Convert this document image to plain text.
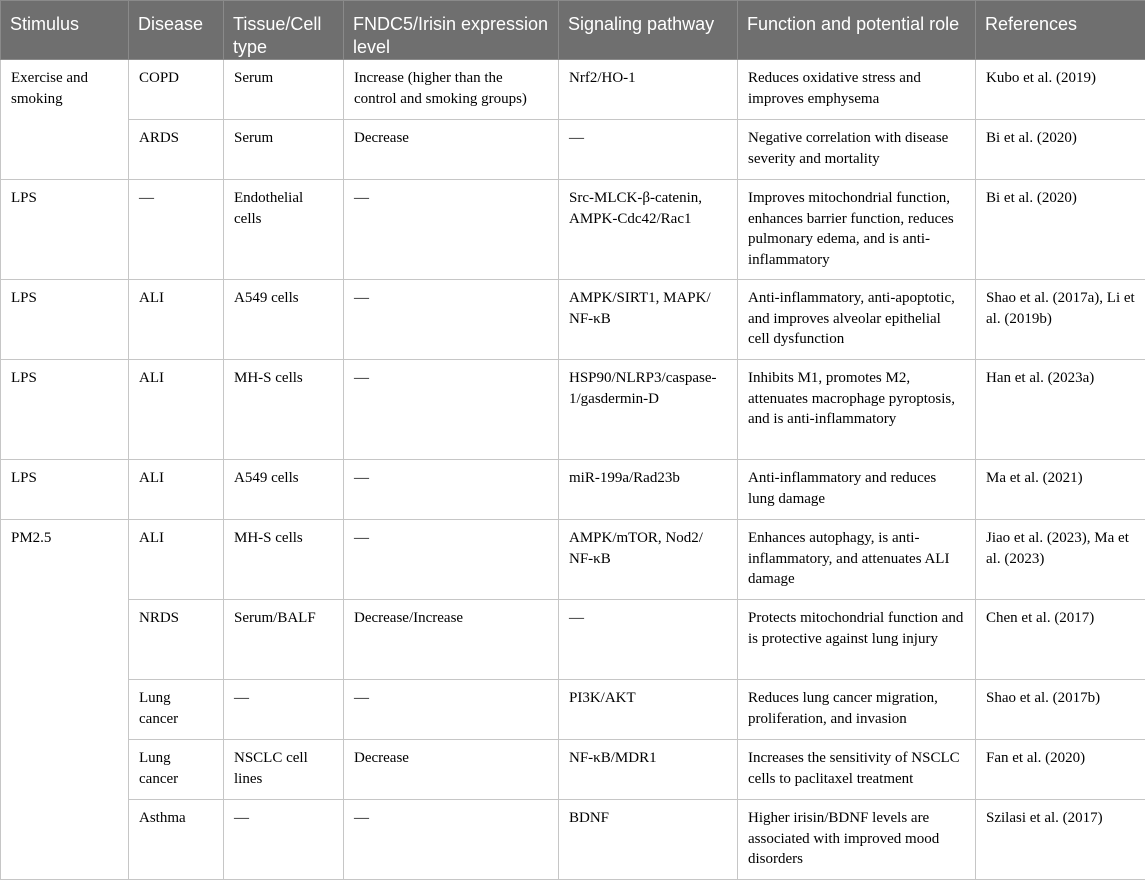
Stimulus	Disease	Tissue/Cell type	FNDC5/Irisin expression level	Signaling pathway	Function and potential role	References
Exercise and smoking	COPD	Serum	Increase (higher than the control and smoking groups)	Nrf2/HO-1	Reduces oxidative stress and improves emphysema	Kubo et al. (2019)
	ARDS	Serum	Decrease	—	Negative correlation with disease severity and mortality	Bi et al. (2020)
LPS	—	Endothelial cells	—	Src-MLCK-β-catenin, AMPK-Cdc42/Rac1	Improves mitochondrial function, enhances barrier function, reduces pulmonary edema, and is anti-inflammatory	Bi et al. (2020)
LPS	ALI	A549 cells	—	AMPK/SIRT1, MAPK/ NF-κB	Anti-inflammatory, anti-apoptotic, and improves alveolar epithelial cell dysfunction	Shao et al. (2017a), Li et al. (2019b)
LPS	ALI	MH-S cells	—	HSP90/NLRP3/caspase-1/gasdermin-D	Inhibits M1, promotes M2, attenuates macrophage pyroptosis, and is anti-inflammatory	Han et al. (2023a)
LPS	ALI	A549 cells	—	miR-199a/Rad23b	Anti-inflammatory and reduces lung damage	Ma et al. (2021)
PM2.5	ALI	MH-S cells	—	AMPK/mTOR, Nod2/ NF-κB	Enhances autophagy, is anti-inflammatory, and attenuates ALI damage	Jiao et al. (2023), Ma et al. (2023)
	NRDS	Serum/BALF	Decrease/Increase	—	Protects mitochondrial function and is protective against lung injury	Chen et al. (2017)
	Lung cancer	—	—	PI3K/AKT	Reduces lung cancer migration, proliferation, and invasion	Shao et al. (2017b)
	Lung cancer	NSCLC cell lines	Decrease	NF-κB/MDR1	Increases the sensitivity of NSCLC cells to paclitaxel treatment	Fan et al. (2020)
	Asthma	—	—	BDNF	Higher irisin/BDNF levels are associated with improved mood disorders	Szilasi et al. (2017)
